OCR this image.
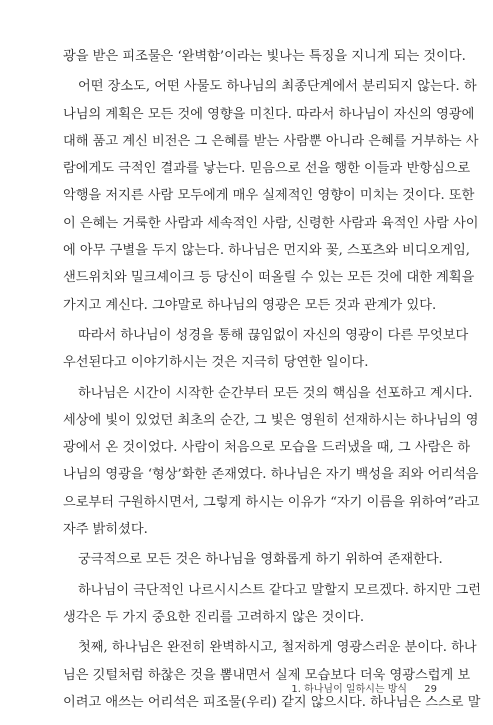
광을 받은 피조물은 ‘완벽함’이라는 빛나는 특징을 지니게 되는 것이다.
어떤 장소도, 어떤 사물도 하나님의 최종단계에서 분리되지 않는다. 하
나님의 계획은 모든 것에 영향을 미친다. 따라서 하나님이 자신의 영광에
대해 품고 계신 비전은 그 은혜를 받는 사람뿐 아니라 은혜를 거부하는 사
람에게도 극적인 결과를 낳는다. 믿음으로 선을 행한 이들과 반항심으로
악행을 저지른 사람 모두에게 매우 실제적인 영향이 미치는 것이다. 또한
이 은혜는 거룩한 사람과 세속적인 사람, 신령한 사람과 육적인 사람 사이
에 아무 구별을 두지 않는다. 하나님은 먼지와 꽃, 스포츠와 비디오게임,
샌드위치와 밀크셰이크 등 당신이 떠올릴 수 있는 모든 것에 대한 계획을
가지고 계신다. 그야말로 하나님의 영광은 모든 것과 관계가 있다.
따라서 하나님이 성경을 통해 끊임없이 자신의 영광이 다른 무엇보다
우선된다고 이야기하시는 것은 지극히 당연한 일이다.
하나님은 시간이 시작한 순간부터 모든 것의 핵심을 선포하고 계시다.
세상에 빛이 있었던 최초의 순간, 그 빛은 영원히 선재하시는 하나님의 영
광에서 온 것이었다. 사람이 처음으로 모습을 드러냈을 때, 그 사람은 하
나님의 영광을 ‘형상’화한 존재였다. 하나님은 자기 백성을 죄와 어리석음
으로부터 구원하시면서, 그렇게 하시는 이유가 “자기 이름을 위하여”라고
자주 밝히셨다.
궁극적으로 모든 것은 하나님을 영화롭게 하기 위하여 존재한다.
하나님이 극단적인 나르시시스트 같다고 말할지 모르겠다. 하지만 그런
생각은 두 가지 중요한 진리를 고려하지 않은 것이다.
첫째, 하나님은 완전히 완벽하시고, 철저하게 영광스러운 분이다. 하나
님은 깃털처럼 하찮은 것을 뽐내면서 실제 모습보다 더욱 영광스럽게 보
이려고 애쓰는 어리석은 피조물(우리) 같지 않으시다. 하나님은 스스로 말
1. 하나님이 일하시는 방식 29
